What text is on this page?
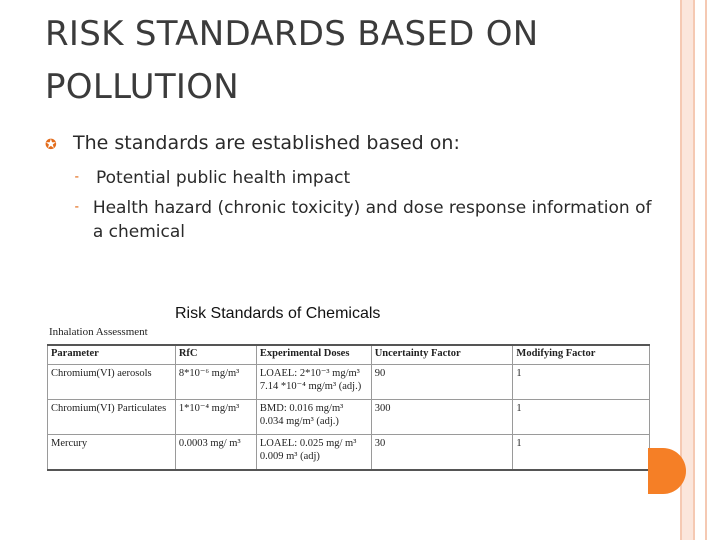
RISK STANDARDS BASED ON
POLLUTION
✪ The standards are established based on:
⁃ Potential public health impact
⁃ Health hazard (chronic toxicity) and dose response information of a chemical
Risk Standards of Chemicals
Inhalation Assessment
Parameter	RfC	Experimental Doses	Uncertainty Factor	Modifying Factor
Chromium(VI) aerosols	8*10⁻⁶ mg/m³	LOAEL: 2*10⁻³ mg/m³
7.14 *10⁻⁴ mg/m³ (adj.)	90	1
Chromium(VI) Particulates	1*10⁻⁴ mg/m³	BMD: 0.016 mg/m³
0.034 mg/m³ (adj.)	300	1
Mercury	0.0003 mg/ m³	LOAEL: 0.025 mg/ m³
0.009 m³ (adj)	30	1
